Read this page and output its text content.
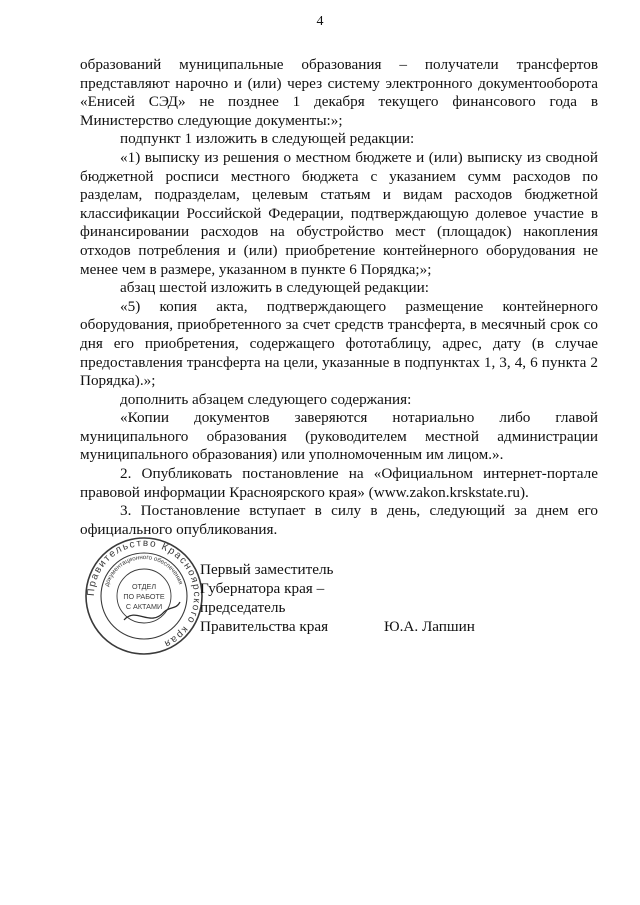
4

образований муниципальные образования – получатели трансфертов представляют нарочно и (или) через систему электронного документооборота «Енисей СЭД» не позднее 1 декабря текущего финансового года в Министерство следующие документы:»;

подпункт 1 изложить в следующей редакции:

«1) выписку из решения о местном бюджете и (или) выписку из сводной бюджетной росписи местного бюджета с указанием сумм расходов по разделам, подразделам, целевым статьям и видам расходов бюджетной классификации Российской Федерации, подтверждающую долевое участие в финансировании расходов на обустройство мест (площадок) накопления отходов потребления и (или) приобретение контейнерного оборудования не менее чем в размере, указанном в пункте 6 Порядка;»;

абзац шестой изложить в следующей редакции:

«5) копия акта, подтверждающего размещение контейнерного оборудования, приобретенного за счет средств трансферта, в месячный срок со дня его приобретения, содержащего фототаблицу, адрес, дату (в случае предоставления трансферта на цели, указанные в подпунктах 1, 3, 4, 6 пункта 2 Порядка).»;

дополнить абзацем следующего содержания:

«Копии документов заверяются нотариально либо главой муниципального образования (руководителем местной администрации муниципального образования) или уполномоченным им лицом.».

2. Опубликовать постановление на «Официальном интернет-портале правовой информации Красноярского края» (www.zakon.krskstate.ru).

3. Постановление вступает в силу в день, следующий за днем его официального опубликования.

Правительство Красноярского края
документационного обеспечения
ОТДЕЛ
ПО РАБОТЕ
С АКТАМИ
Первый заместитель
Губернатора края –
председатель
Правительства края	Ю.А. Лапшин
